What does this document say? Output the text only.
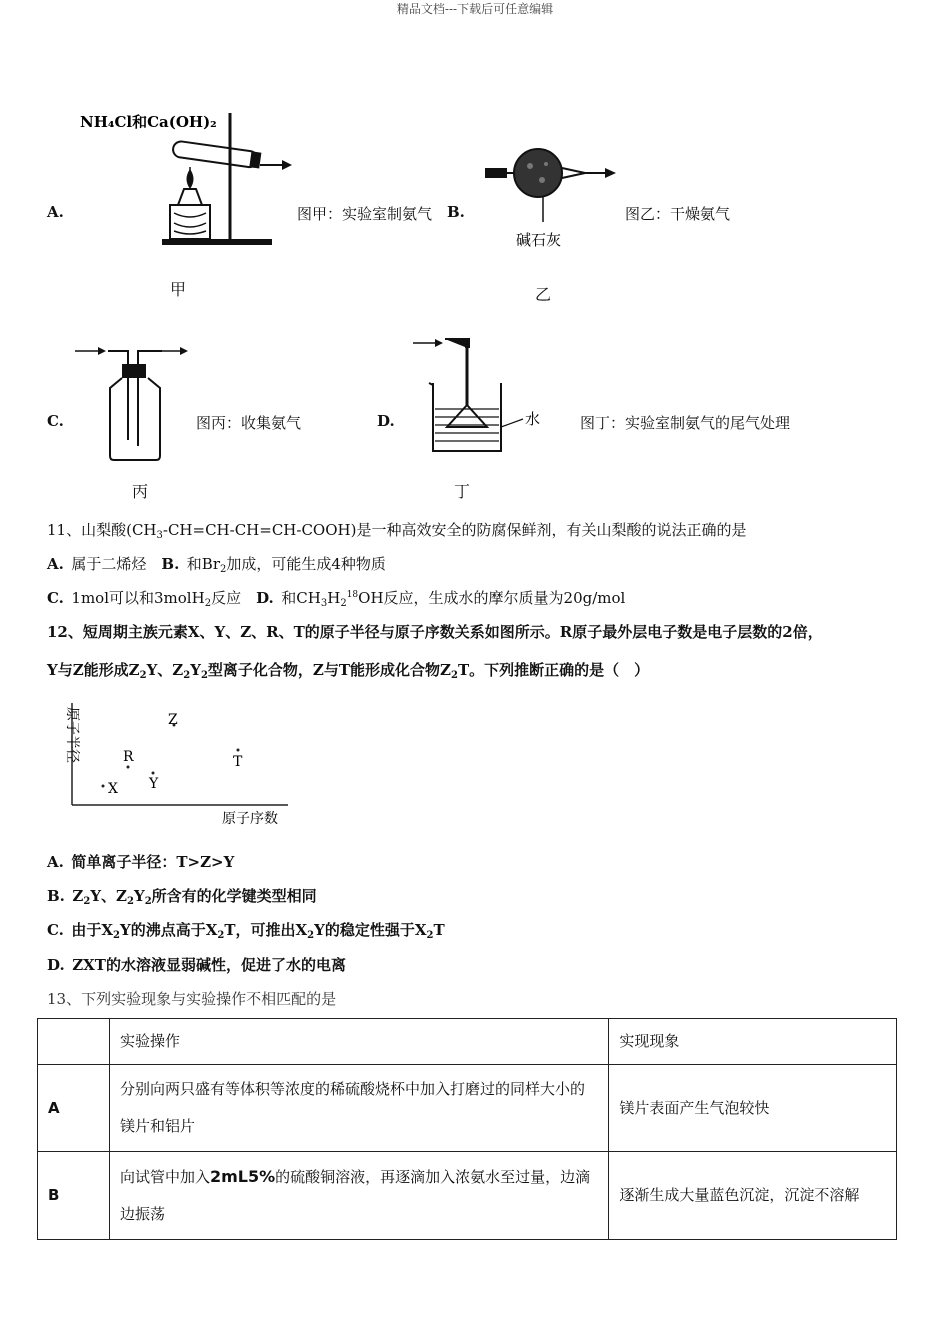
精品文档---下载后可任意编辑
A.
NH₄Cl和Ca(OH)₂
甲
图甲：实验室制氨气 B.
碱石灰
乙
图乙：干燥氨气
C.
丙
图丙：收集氨气	D.	水
丁
图丁：实验室制氨气的尾气处理
11、山梨酸$(CH_3-CH=CH-CH=CH-COOH)$是一种高效安全的防腐保鲜剂，有关山梨酸的说法正确的是
A.  属于二烯烃   B.  和$Br_2$加成，可能生成4种物质
C.  1mol可以和3molH$_2$反应   D.  和$CH_3H_2^{18}OH$反应，生成水的摩尔质量为20g/mol
12、短周期主族元素X、Y、Z、R、T的原子半径与原子序数关系如图所示。R原子最外层电子数是电子层数的2倍，
Y与Z能形成$Z_2Y$、$Z_2Y_2$型离子化合物，Z与T能形成化合物$Z_2T$。下列推断正确的是（　）
原子半径
原子序数
X
R
Y
Z
T
A.  简单离子半径：T>Z>Y
B.  $Z_2Y$、$Z_2Y_2$所含有的化学键类型相同
C.  由于$X_2Y$的沸点高于$X_2T$，可推出$X_2Y$的稳定性强于$X_2T$
D.  ZXT的水溶液显弱碱性，促进了水的电离
13、下列实验现象与实验操作不相匹配的是
	实验操作	实现现象
A	分别向两只盛有等体积等浓度的稀硫酸烧杯中加入打磨过的同样大小的镁片和铝片	镁片表面产生气泡较快
B	向试管中加入2mL5%的硫酸铜溶液，再逐滴加入浓氨水至过量，边滴边振荡	逐渐生成大量蓝色沉淀，沉淀不溶解
